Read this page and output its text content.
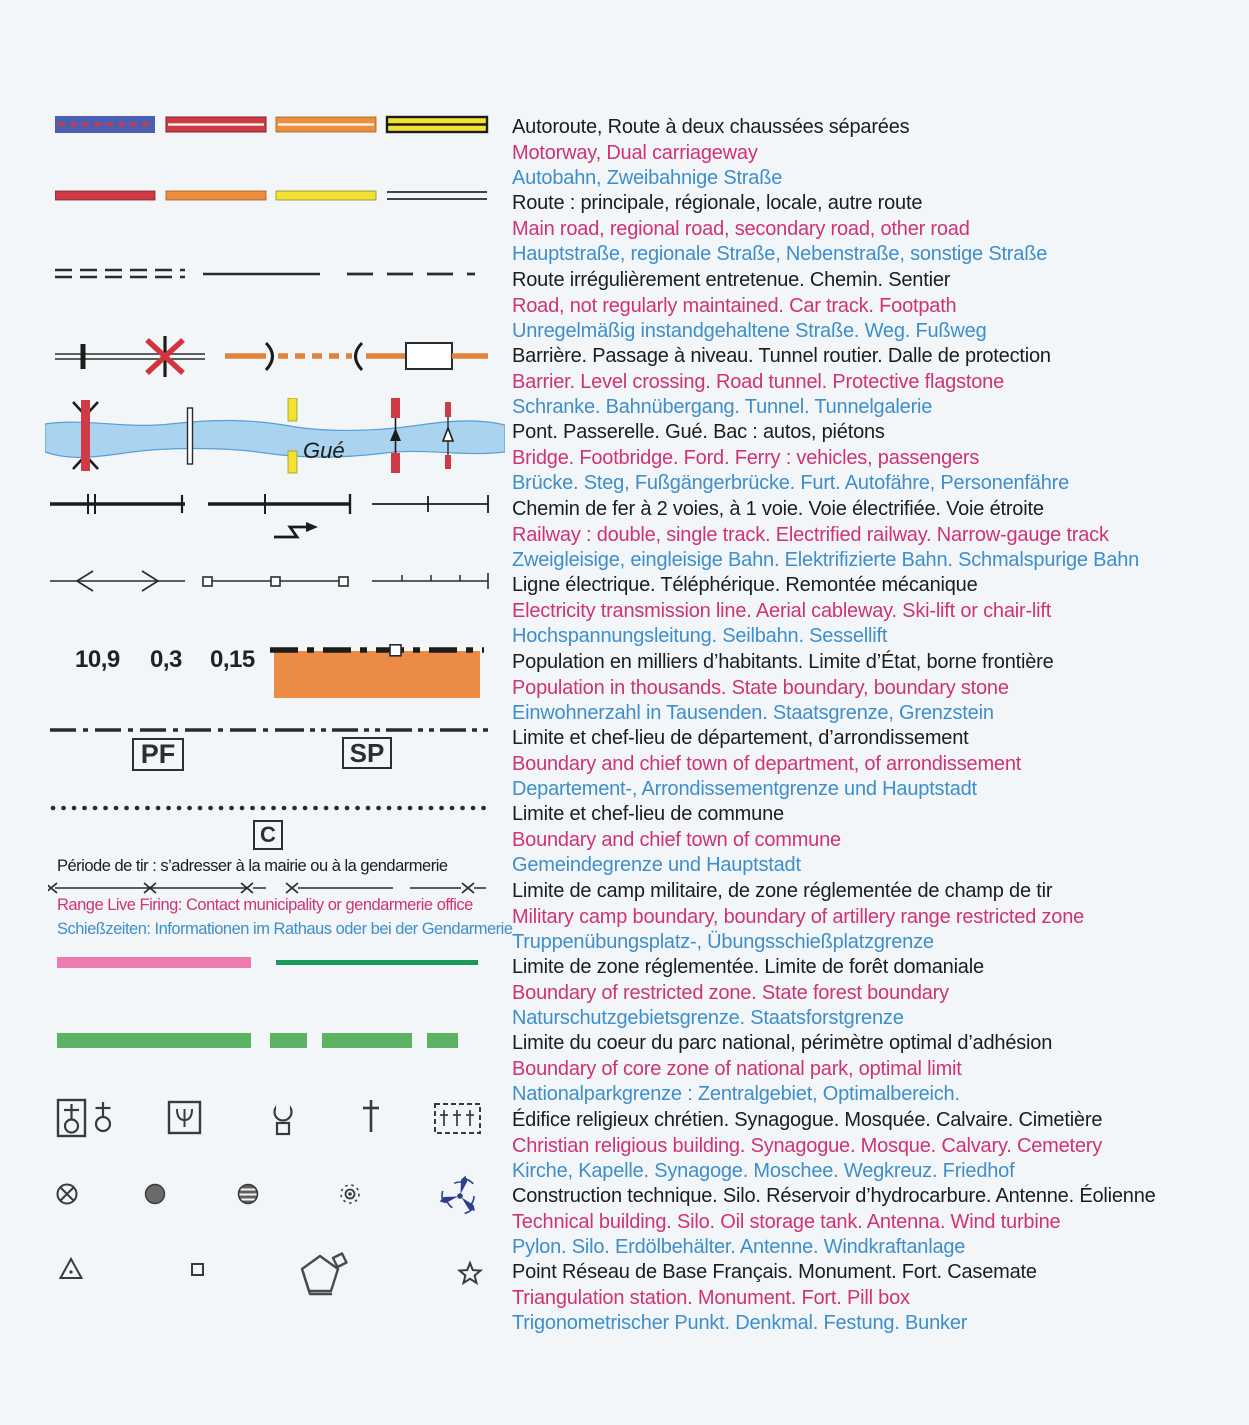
Autoroute, Route à deux chaussées séparées
Motorway, Dual carriageway
Autobahn, Zweibahnige Straße
Route : principale, régionale, locale, autre route
Main road, regional road, secondary road, other road
Hauptstraße, regionale Straße, Nebenstraße, sonstige Straße
Route irrégulièrement entretenue. Chemin. Sentier
Road, not regularly maintained. Car track. Footpath
Unregelmäßig instandgehaltene Straße. Weg. Fußweg
Barrière. Passage à niveau. Tunnel routier. Dalle de protection
Barrier. Level crossing. Road tunnel. Protective flagstone
Schranke. Bahnübergang. Tunnel. Tunnelgalerie
Pont. Passerelle. Gué. Bac : autos, piétons
Bridge. Footbridge. Ford. Ferry : vehicles, passengers
Brücke. Steg, Fußgängerbrücke. Furt. Autofähre, Personenfähre
Chemin de fer à 2 voies, à 1 voie. Voie électrifiée. Voie étroite
Railway : double, single track. Electrified railway. Narrow-gauge track
Zweigleisige, eingleisige Bahn. Elektrifizierte Bahn. Schmalspurige Bahn
Ligne électrique. Téléphérique. Remontée mécanique
Electricity transmission line. Aerial cableway. Ski-lift or chair-lift
Hochspannungsleitung. Seilbahn. Sessellift
Population en milliers d’habitants. Limite d’État, borne frontière
Population in thousands. State boundary, boundary stone
Einwohnerzahl in Tausenden. Staatsgrenze, Grenzstein
Limite et chef-lieu de département, d’arrondissement
Boundary and chief town of department, of arrondissement
Departement-, Arrondissementgrenze und Hauptstadt
Limite et chef-lieu de commune
Boundary and chief town of commune
Gemeindegrenze und Hauptstadt
Limite de camp militaire, de zone réglementée de champ de tir
Military camp boundary, boundary of artillery range restricted zone
Truppenübungsplatz-, Übungsschießplatzgrenze
Limite de zone réglementée. Limite de forêt domaniale
Boundary of restricted zone. State forest boundary
Naturschutzgebietsgrenze. Staatsforstgrenze
Limite du coeur du parc national, périmètre optimal d’adhésion
Boundary of core zone of national park, optimal limit
Nationalparkgrenze : Zentralgebiet, Optimalbereich.
Édifice religieux chrétien. Synagogue. Mosquée. Calvaire. Cimetière
Christian religious building. Synagogue. Mosque. Calvary. Cemetery
Kirche, Kapelle. Synagoge. Moschee. Wegkreuz. Friedhof
Construction technique. Silo. Réservoir d’hydrocarbure. Antenne. Éolienne
Technical building. Silo. Oil storage tank. Antenna. Wind turbine
Pylon. Silo. Erdölbehälter. Antenne. Windkraftanlage
Point Réseau de Base Français. Monument. Fort. Casemate
Triangulation station. Monument. Fort. Pill box
Trigonometrischer Punkt. Denkmal. Festung. Bunker
Gué
10,9 0,3 0,15
PF	SP
C
Période de tir : s’adresser à la mairie ou à la gendarmerie
Range Live Firing: Contact municipality or gendarmerie office
Schießzeiten: Informationen im Rathaus oder bei der Gendarmerie
